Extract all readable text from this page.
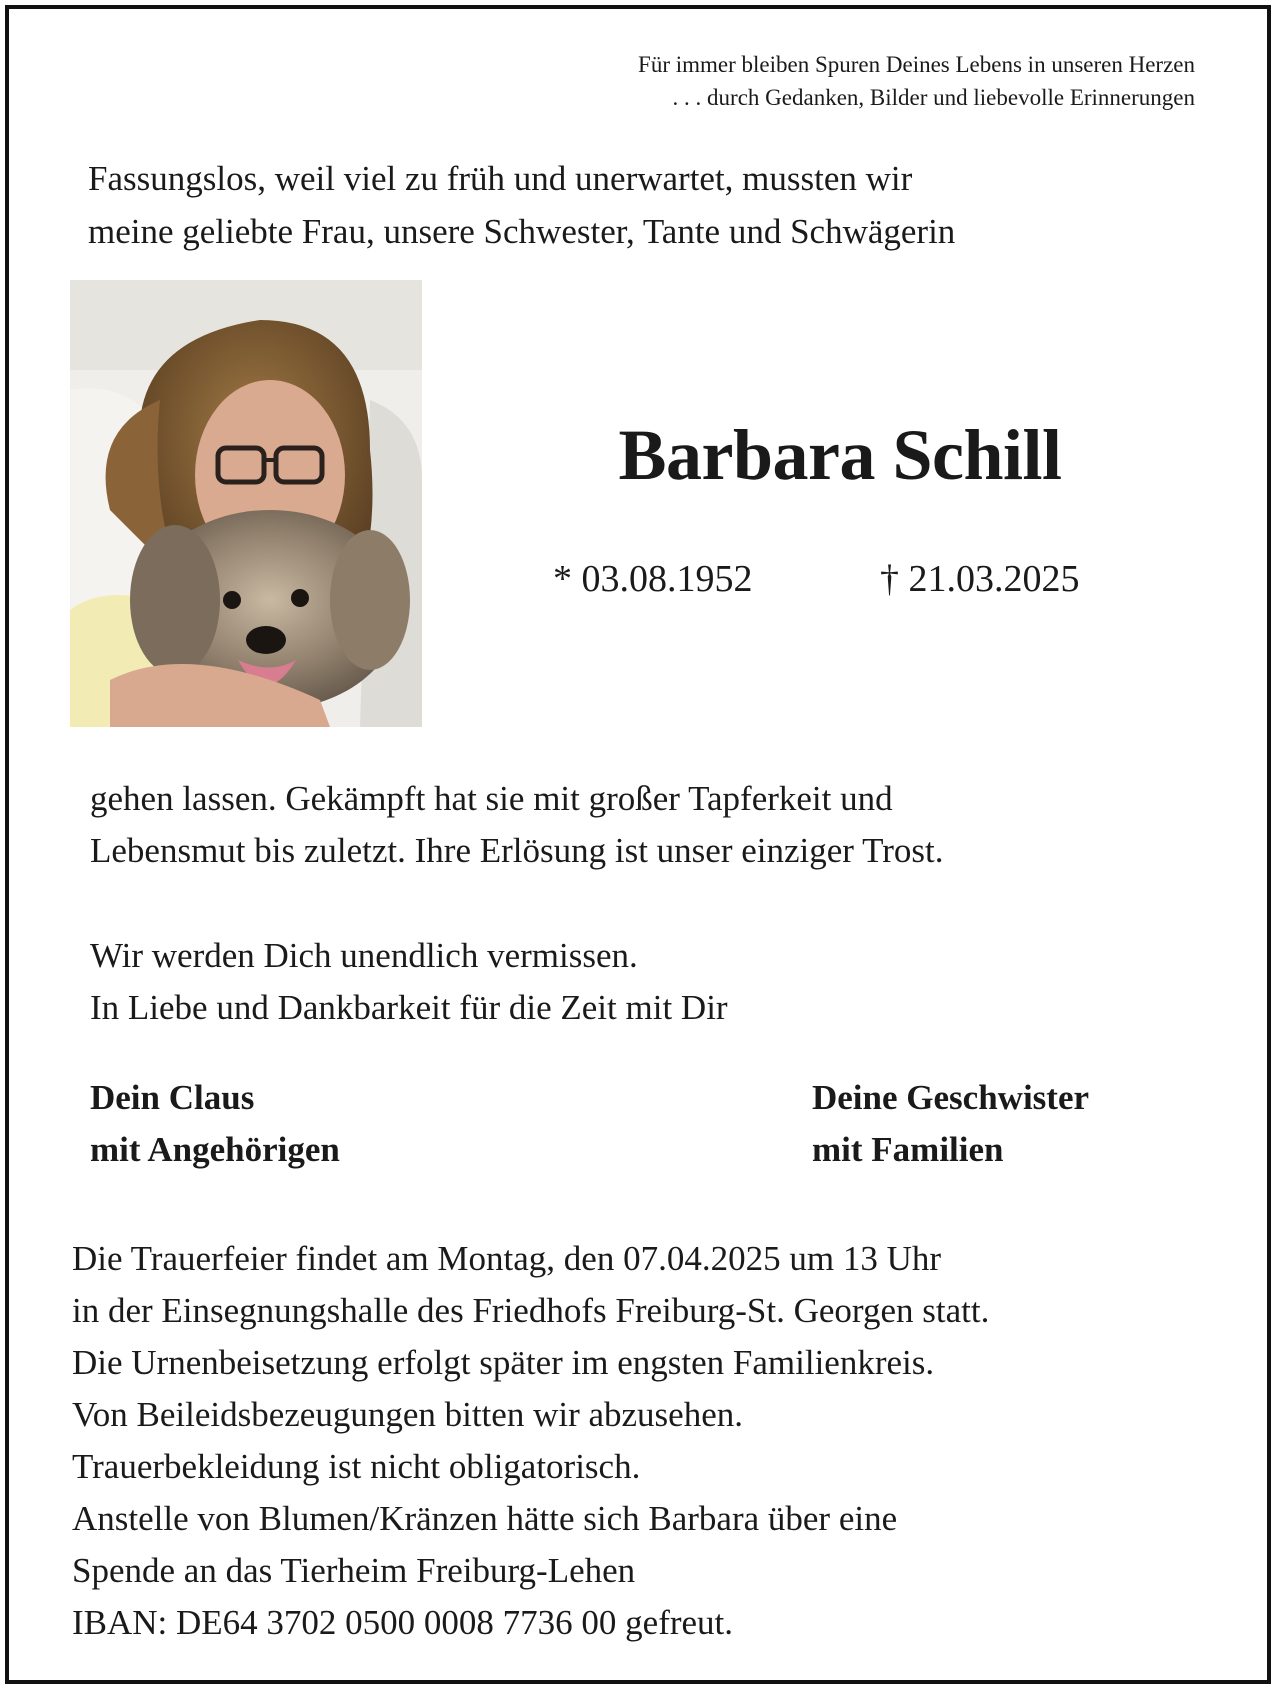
Für immer bleiben Spuren Deines Lebens in unseren Herzen
. . . durch Gedanken, Bilder und liebevolle Erinnerungen
Fassungslos, weil viel zu früh und unerwartet, mussten wir
meine geliebte Frau, unsere Schwester, Tante und Schwägerin
Barbara Schill
* 03.08.1952	† 21.03.2025
gehen lassen. Gekämpft hat sie mit großer Tapferkeit und
Lebensmut bis zuletzt. Ihre Erlösung ist unser einziger Trost.
Wir werden Dich unendlich vermissen.
In Liebe und Dankbarkeit für die Zeit mit Dir
Dein Claus
mit Angehörigen
Deine Geschwister
mit Familien
Die Trauerfeier findet am Montag, den 07.04.2025 um 13 Uhr
in der Einsegnungshalle des Friedhofs Freiburg-St. Georgen statt.
Die Urnenbeisetzung erfolgt später im engsten Familienkreis.
Von Beileidsbezeugungen bitten wir abzusehen.
Trauerbekleidung ist nicht obligatorisch.
Anstelle von Blumen/Kränzen hätte sich Barbara über eine
Spende an das Tierheim Freiburg-Lehen
IBAN: DE64 3702 0500 0008 7736 00 gefreut.
